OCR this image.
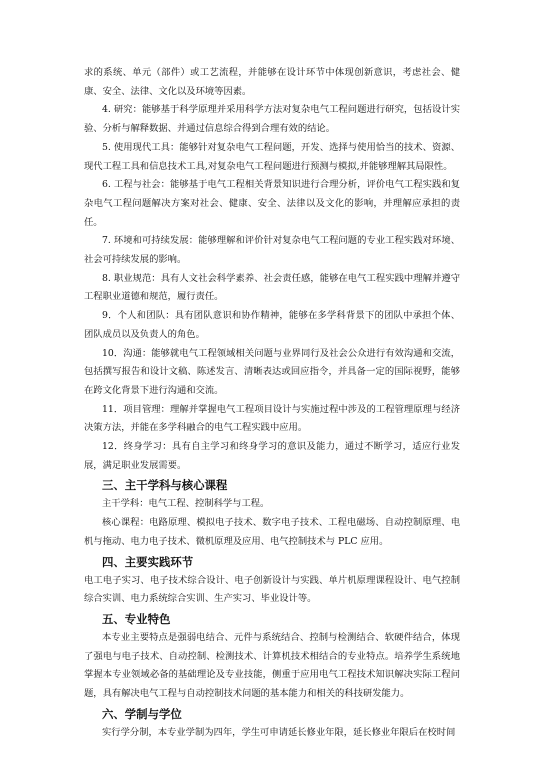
求的系统、单元（部件）或工艺流程，并能够在设计环节中体现创新意识，考虑社会、健康、安全、法律、文化以及环境等因素。

4. 研究：能够基于科学原理并采用科学方法对复杂电气工程问题进行研究，包括设计实验、分析与解释数据、并通过信息综合得到合理有效的结论。

5. 使用现代工具：能够针对复杂电气工程问题，开发、选择与使用恰当的技术、资源、现代工程工具和信息技术工具,对复杂电气工程问题进行预测与模拟,并能够理解其局限性。

6. 工程与社会：能够基于电气工程相关背景知识进行合理分析，评价电气工程实践和复杂电气工程问题解决方案对社会、健康、安全、法律以及文化的影响，并理解应承担的责任。

7. 环境和可持续发展：能够理解和评价针对复杂电气工程问题的专业工程实践对环境、社会可持续发展的影响。

8. 职业规范：具有人文社会科学素养、社会责任感，能够在电气工程实践中理解并遵守工程职业道德和规范，履行责任。

9．个人和团队：具有团队意识和协作精神，能够在多学科背景下的团队中承担个体、团队成员以及负责人的角色。

10．沟通：能够就电气工程领域相关问题与业界同行及社会公众进行有效沟通和交流，包括撰写报告和设计文稿、陈述发言、清晰表达或回应指令，并具备一定的国际视野，能够在跨文化背景下进行沟通和交流。

11．项目管理：理解并掌握电气工程项目设计与实施过程中涉及的工程管理原理与经济决策方法，并能在多学科融合的电气工程实践中应用。

12．终身学习：具有自主学习和终身学习的意识及能力，通过不断学习，适应行业发展，满足职业发展需要。

三、主干学科与核心课程

主干学科：电气工程、控制科学与工程。

核心课程：电路原理、模拟电子技术、数字电子技术、工程电磁场、自动控制原理、电机与拖动、电力电子技术、微机原理及应用、电气控制技术与 PLC 应用。

四、主要实践环节

电工电子实习、电子技术综合设计、电子创新设计与实践、单片机原理课程设计、电气控制综合实训、电力系统综合实训、生产实习、毕业设计等。

五、专业特色

本专业主要特点是强弱电结合、元件与系统结合、控制与检测结合、软硬件结合，体现了强电与电子技术、自动控制、检测技术、计算机技术相结合的专业特点。培养学生系统地掌握本专业领域必备的基础理论及专业技能，侧重于应用电气工程技术知识解决实际工程问题，具有解决电气工程与自动控制技术问题的基本能力和相关的科技研发能力。

六、学制与学位

实行学分制，本专业学制为四年，学生可申请延长修业年限，延长修业年限后在校时间
